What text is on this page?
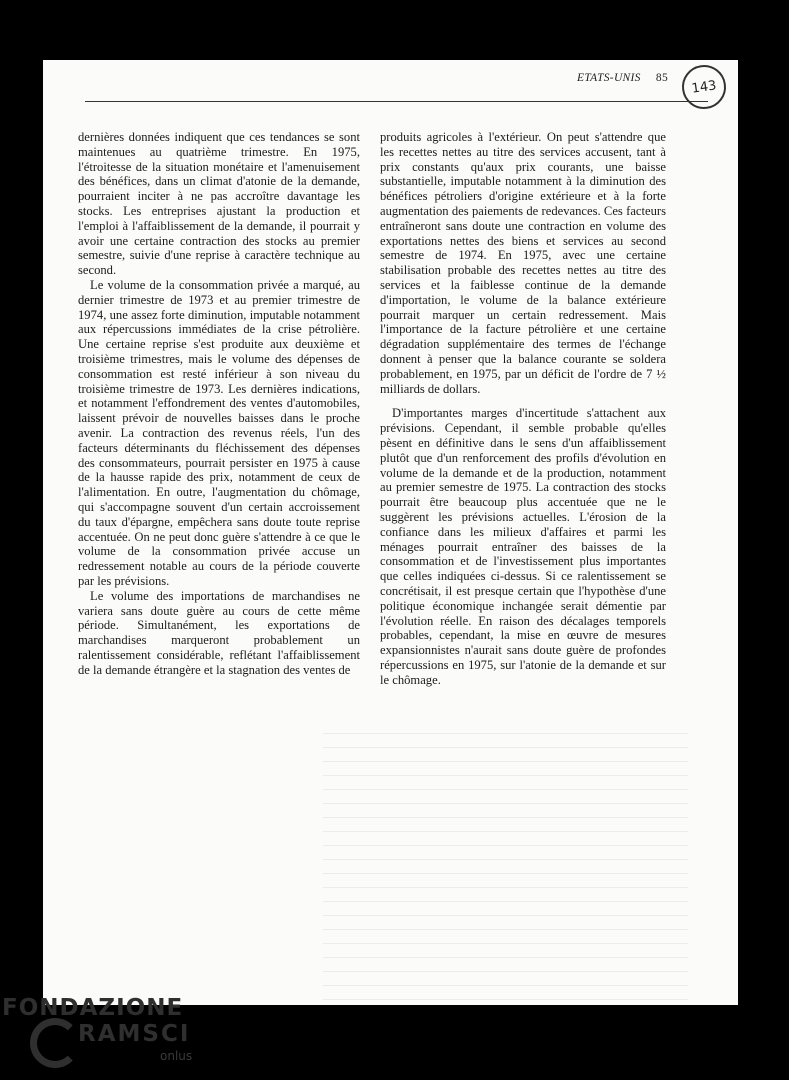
ETATS-UNIS 85	143

dernières données indiquent que ces tendances se sont maintenues au quatrième trimestre. En 1975, l'étroitesse de la situation monétaire et l'amenuisement des bénéfices, dans un climat d'atonie de la demande, pourraient inciter à ne pas accroître davantage les stocks. Les entreprises ajustant la production et l'emploi à l'affaiblissement de la demande, il pourrait y avoir une certaine contraction des stocks au premier semestre, suivie d'une reprise à caractère technique au second.

Le volume de la consommation privée a marqué, au dernier trimestre de 1973 et au premier trimestre de 1974, une assez forte diminution, imputable notamment aux répercussions immédiates de la crise pétrolière. Une certaine reprise s'est produite aux deuxième et troisième trimestres, mais le volume des dépenses de consommation est resté inférieur à son niveau du troisième trimestre de 1973. Les dernières indications, et notamment l'effondrement des ventes d'automobiles, laissent prévoir de nouvelles baisses dans le proche avenir. La contraction des revenus réels, l'un des facteurs déterminants du fléchissement des dépenses des consommateurs, pourrait persister en 1975 à cause de la hausse rapide des prix, notamment de ceux de l'alimentation. En outre, l'augmentation du chômage, qui s'accompagne souvent d'un certain accroissement du taux d'épargne, empêchera sans doute toute reprise accentuée. On ne peut donc guère s'attendre à ce que le volume de la consommation privée accuse un redressement notable au cours de la période couverte par les prévisions.

Le volume des importations de marchandises ne variera sans doute guère au cours de cette même période. Simultanément, les exportations de marchandises marqueront probablement un ralentissement considérable, reflétant l'affaiblissement de la demande étrangère et la stagnation des ventes de

produits agricoles à l'extérieur. On peut s'attendre que les recettes nettes au titre des services accusent, tant à prix constants qu'aux prix courants, une baisse substantielle, imputable notamment à la diminution des bénéfices pétroliers d'origine extérieure et à la forte augmentation des paiements de redevances. Ces facteurs entraîneront sans doute une contraction en volume des exportations nettes des biens et services au second semestre de 1974. En 1975, avec une certaine stabilisation probable des recettes nettes au titre des services et la faiblesse continue de la demande d'importation, le volume de la balance extérieure pourrait marquer un certain redressement. Mais l'importance de la facture pétrolière et une certaine dégradation supplémentaire des termes de l'échange donnent à penser que la balance courante se soldera probablement, en 1975, par un déficit de l'ordre de 7 ½ milliards de dollars.

D'importantes marges d'incertitude s'attachent aux prévisions. Cependant, il semble probable qu'elles pèsent en définitive dans le sens d'un affaiblissement plutôt que d'un renforcement des profils d'évolution en volume de la demande et de la production, notamment au premier semestre de 1975. La contraction des stocks pourrait être beaucoup plus accentuée que ne le suggèrent les prévisions actuelles. L'érosion de la confiance dans les milieux d'affaires et parmi les ménages pourrait entraîner des baisses de la consommation et de l'investissement plus importantes que celles indiquées ci-dessus. Si ce ralentissement se concrétisait, il est presque certain que l'hypothèse d'une politique économique inchangée serait démentie par l'évolution réelle. En raison des décalages temporels probables, cependant, la mise en œuvre de mesures expansionnistes n'aurait sans doute guère de profondes répercussions en 1975, sur l'atonie de la demande et sur le chômage.

FONDAZIONE
RAMSCI
onlus
